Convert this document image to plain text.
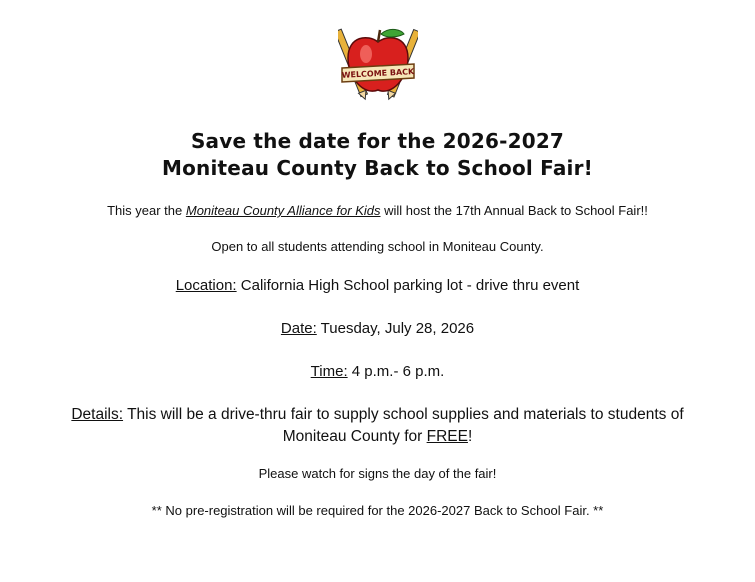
WELCOME BACK
Save the date for the 2026-2027
Moniteau County Back to School Fair!
This year the Moniteau County Alliance for Kids will host the 17th Annual Back to School Fair!!
Open to all students attending school in Moniteau County.
Location: California High School parking lot - drive thru event
Date: Tuesday, July 28, 2026
Time: 4 p.m.- 6 p.m.
Details: This will be a drive-thru fair to supply school supplies and materials to students of
Moniteau County for FREE!
Please watch for signs the day of the fair!
** No pre-registration will be required for the 2026-2027 Back to School Fair. **
